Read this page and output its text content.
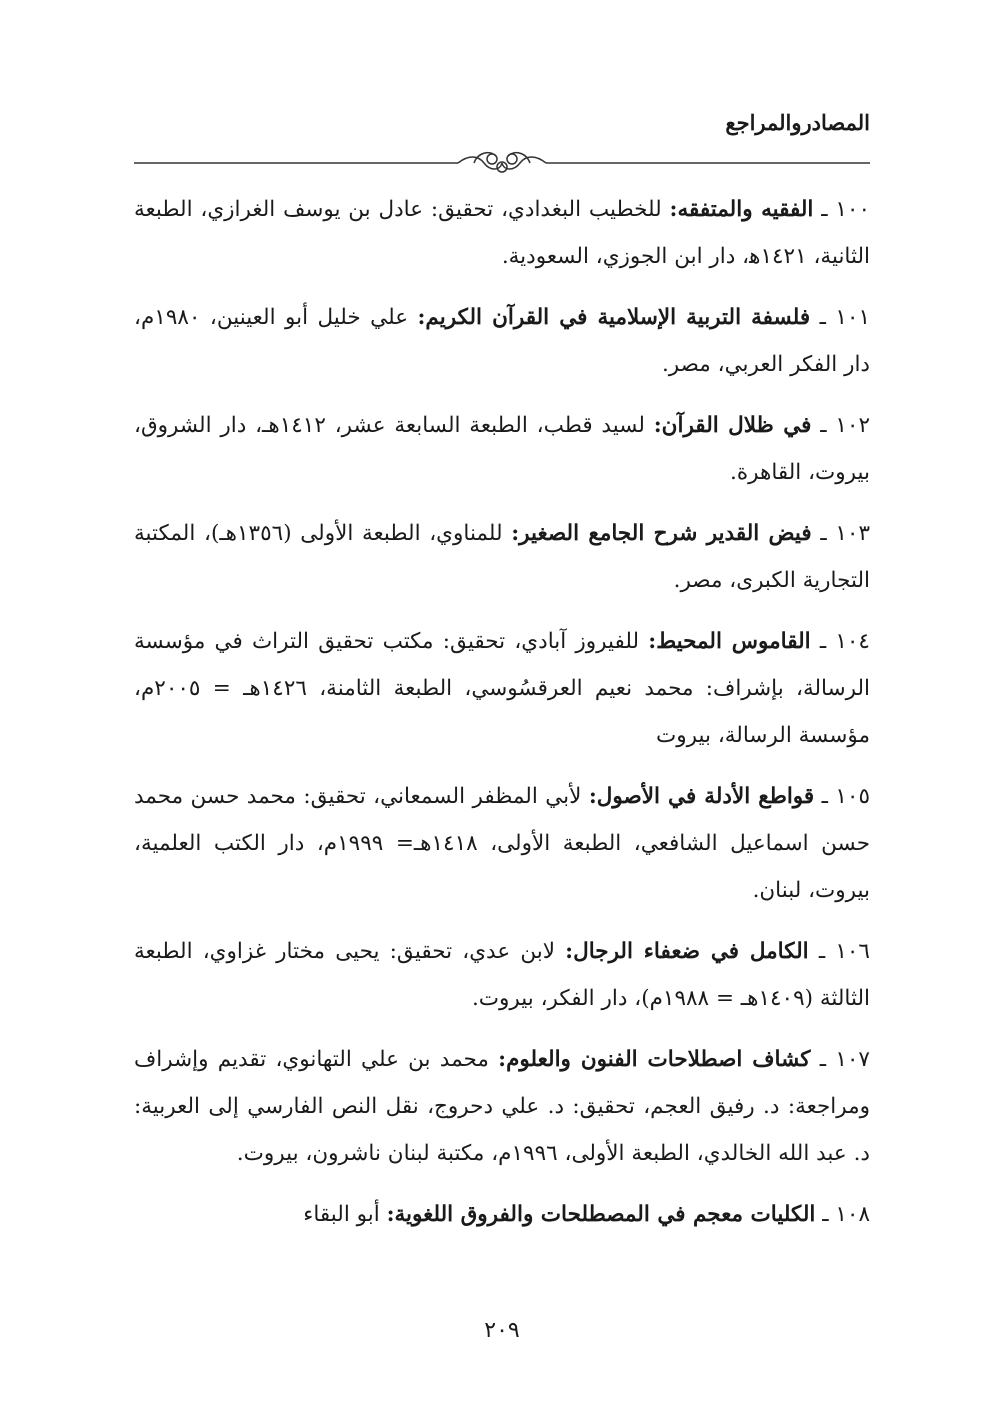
المصادروالمراجع

١٠٠ ـ الفقيه والمتفقه: للخطيب البغدادي، تحقيق: عادل بن يوسف الغرازي، الطبعة الثانية، ١٤٢١ﻫ، دار ابن الجوزي، السعودية.

١٠١ ـ فلسفة التربية الإسلامية في القرآن الكريم: علي خليل أبو العينين، ١٩٨٠م، دار الفكر العربي، مصر.

١٠٢ ـ في ظلال القرآن: لسيد قطب، الطبعة السابعة عشر، ١٤١٢هـ، دار الشروق، بيروت، القاهرة.

١٠٣ ـ فيض القدير شرح الجامع الصغير: للمناوي، الطبعة الأولى (١٣٥٦هـ)، المكتبة التجارية الكبرى، مصر.

١٠٤ ـ القاموس المحيط: للفيروز آبادي، تحقيق: مكتب تحقيق التراث في مؤسسة الرسالة، بإشراف: محمد نعيم العرقسُوسي، الطبعة الثامنة، ١٤٢٦هـ = ٢٠٠٥م، مؤسسة الرسالة، بيروت

١٠٥ ـ قواطع الأدلة في الأصول: لأبي المظفر السمعاني، تحقيق: محمد حسن محمد حسن اسماعيل الشافعي، الطبعة الأولى، ١٤١٨هـ= ١٩٩٩م، دار الكتب العلمية، بيروت، لبنان.

١٠٦ ـ الكامل في ضعفاء الرجال: لابن عدي، تحقيق: يحيى مختار غزاوي، الطبعة الثالثة (١٤٠٩هـ = ١٩٨٨م)، دار الفكر، بيروت.

١٠٧ ـ كشاف اصطلاحات الفنون والعلوم: محمد بن علي التهانوي، تقديم وإشراف ومراجعة: د. رفيق العجم، تحقيق: د. علي دحروج، نقل النص الفارسي إلى العربية: د. عبد الله الخالدي، الطبعة الأولى، ١٩٩٦م، مكتبة لبنان ناشرون، بيروت.

١٠٨ ـ الكليات معجم في المصطلحات والفروق اللغوية: أبو البقاء

٢٠٩
